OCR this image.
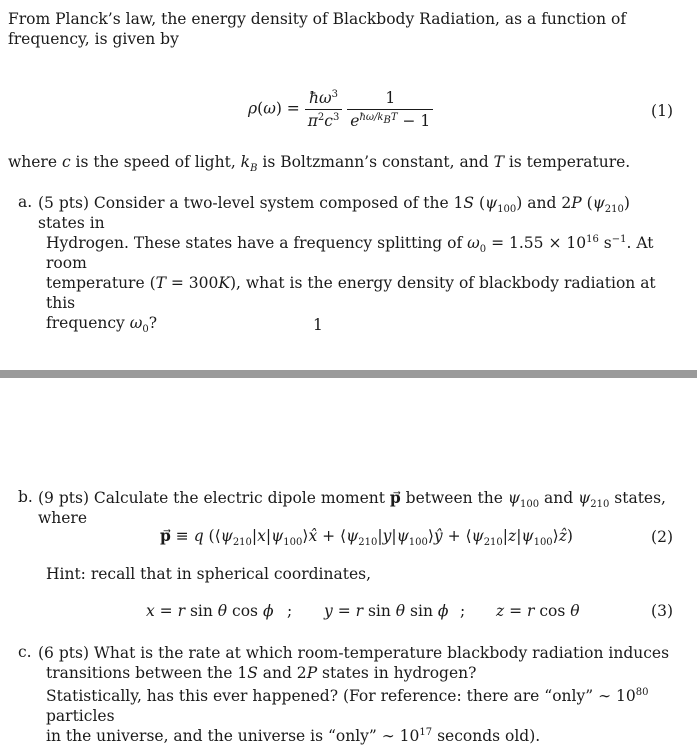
From Planck’s law, the energy density of Blackbody Radiation, as a function of frequency, is given by

$\rho(\omega) = \frac{ħ\omega^3}{\pi^2c^3}$
$\frac{1}{e^{ħ\omega/k_BT} - 1}$	(1)

where c is the speed of light, $k_B$ is Boltzmann’s constant, and T is temperature.

a. (5 pts) Consider a two-level system composed of the 1S $(\psi_{100})$ and 2P $(\psi_{210})$ states in

Hydrogen. These states have a frequency splitting of $\omega_0 = 1.55 \times 10^{16}$ $s^{-1}$. At room

temperature (T = 300K), what is the energy density of blackbody radiation at this

frequency $\omega_0$?	1
b. (9 pts) Calculate the electric dipole moment p between the $\psi_{100}$ and $\psi_{210}$ states, where

p⃗ ≡ q ($⟨\psi_{210}|x|\psi_{100}⟩x̂$ + $⟨\psi_{210}|y|\psi_{100}⟩ŷ$ + $⟨\psi_{210}|z|\psi_{100}⟩ẑ$)	(2)

Hint: recall that in spherical coordinates,

x = r sin θ cos ϕ ; y = r sin θ sin ϕ ; z = r cos θ	(3)
c. (6 pts) What is the rate at which room-temperature blackbody radiation induces

transitions between the 1S and 2P states in hydrogen?

Statistically, has this ever happened? (For reference: there are “only” ∼ $10^{80}$ particles

in the universe, and the universe is “only” ∼ $10^{17}$ seconds old).
